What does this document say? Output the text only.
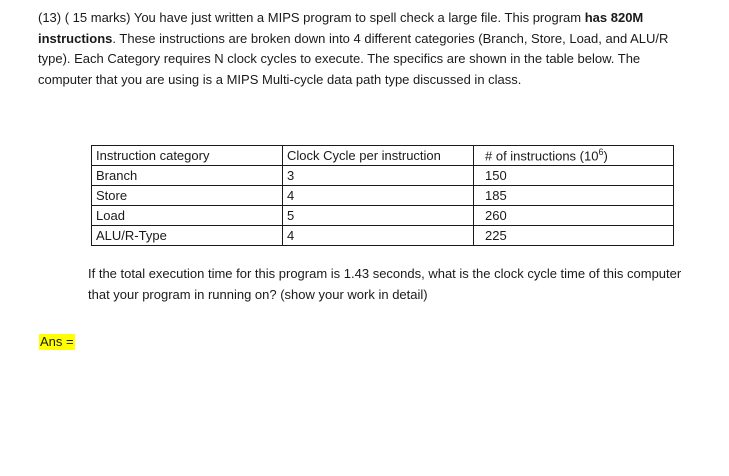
(13) ( 15 marks) You have just written a MIPS program to spell check a large file. This program has 820M instructions. These instructions are broken down into 4 different categories (Branch, Store, Load, and ALU/R type). Each Category requires N clock cycles to execute. The specifics are shown in the table below. The computer that you are using is a MIPS Multi-cycle data path type discussed in class.
Instruction category	Clock Cycle per instruction	# of instructions $(10^6)$
Branch	3	150
Store	4	185
Load	5	260
ALU/R-Type	4	225
If the total execution time for this program is 1.43 seconds, what is the clock cycle time of this computer that your program in running on? (show your work in detail)
Ans =
